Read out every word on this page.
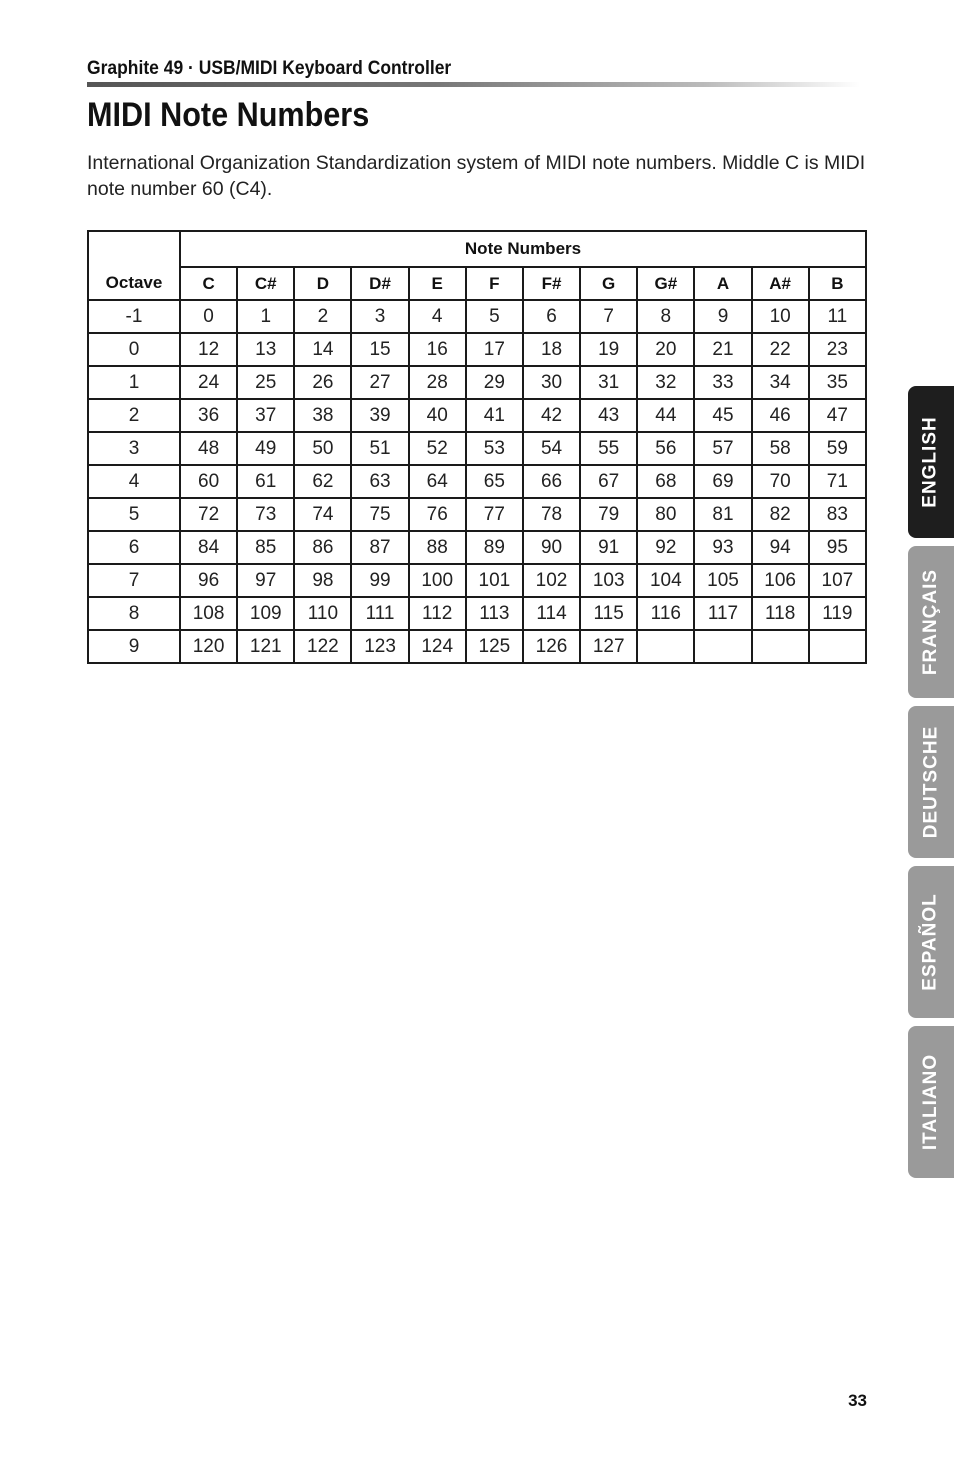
Graphite 49 · USB/MIDI Keyboard Controller
MIDI Note Numbers

International Organization Standardization system of MIDI note numbers. Middle C is MIDI note number 60 (C4).

Octave	Note Numbers											
	C	C#	D	D#	E	F	F#	G	G#	A	A#	B
-1	0	1	2	3	4	5	6	7	8	9	10	11
0	12	13	14	15	16	17	18	19	20	21	22	23
1	24	25	26	27	28	29	30	31	32	33	34	35
2	36	37	38	39	40	41	42	43	44	45	46	47
3	48	49	50	51	52	53	54	55	56	57	58	59
4	60	61	62	63	64	65	66	67	68	69	70	71
5	72	73	74	75	76	77	78	79	80	81	82	83
6	84	85	86	87	88	89	90	91	92	93	94	95
7	96	97	98	99	100	101	102	103	104	105	106	107
8	108	109	110	111	112	113	114	115	116	117	118	119
9	120	121	122	123	124	125	126	127				
ENGLISH
FRANÇAIS
DEUTSCHE
ESPAÑOL
ITALIANO
33
